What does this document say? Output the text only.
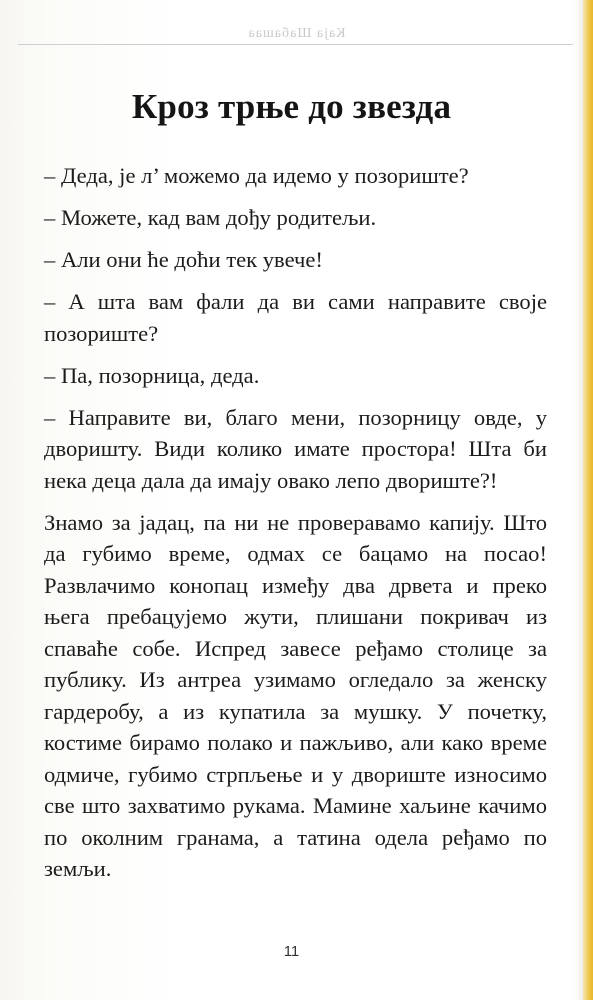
Каја Шабашаа
Кроз трње до звезда

– Деда, је л’ можемо да идемо у позориште?

– Можете, кад вам дођу родитељи.

– Али они ће доћи тек увече!

– А шта вам фали да ви сами направите своје позориште?

– Па, позорница, деда.

– Направите ви, благо мени, позорницу овде, у дворишту. Види колико имате простора! Шта би нека деца дала да имају овако лепо двориште?!

Знамо за јадац, па ни не проверавамо капију. Што да губимо време, одмах се бацамо на посао! Развлачимо конопац између два дрвета и преко њега пребацујемо жути, плишани покривач из спаваће собе. Испред завесе ређамо столице за публику. Из антреа узимамо огледало за женску гардеробу, а из купатила за мушку. У почетку, костиме бирамо полако и пажљиво, али како време одмиче, губимо стрпљење и у двориште износимо све што захватимо рукама. Мамине хаљине качимо по околним гранама, а татина одела ређамо по земљи.

11
